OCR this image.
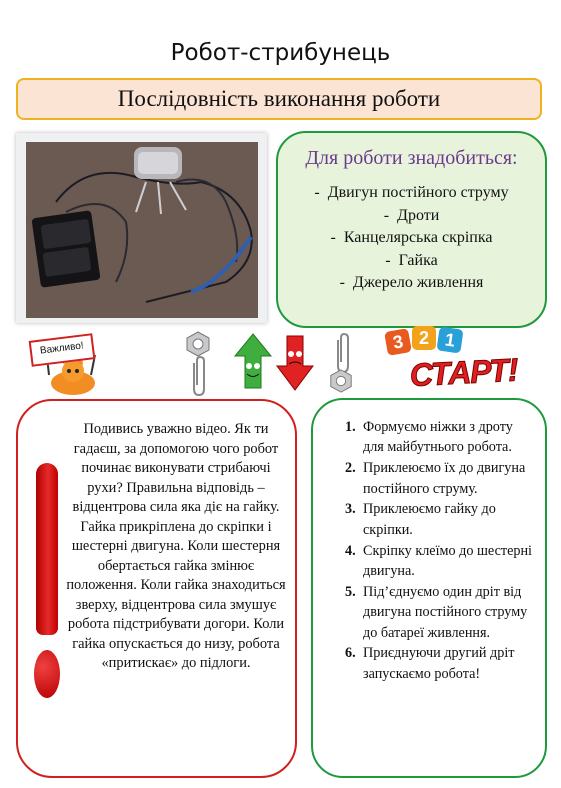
Робот-стрибунець
Послідовність виконання роботи
Для роботи знадобиться:
-  Двигун постійного струму
-  Дроти
-  Канцелярська скріпка
-  Гайка
-  Джерело живлення
Важливо!	3 2 1
СТАРТ!

Подивись уважно відео. Як ти гадаєш, за допомогою чого робот починає виконувати стрибаючі рухи? Правильна відповідь – відцентрова сила яка діє на гайку. Гайка прикріплена до скріпки і шестерні двигуна. Коли шестерня обертається гайка змінює положення. Коли гайка знаходиться зверху, відцентрова сила змушує робота підстрибувати догори. Коли гайка опускається до низу, робота «притискає» до підлоги.

1. Формуємо ніжки з дроту для майбутнього робота.
2. Приклеюємо їх до двигуна постійного струму.
3. Приклеюємо гайку до скріпки.
4. Скріпку клеїмо до шестерні двигуна.
5. Під’єднуємо один дріт від двигуна постійного струму до батареї живлення.
6. Приєднуючи другий дріт запускаємо робота!
